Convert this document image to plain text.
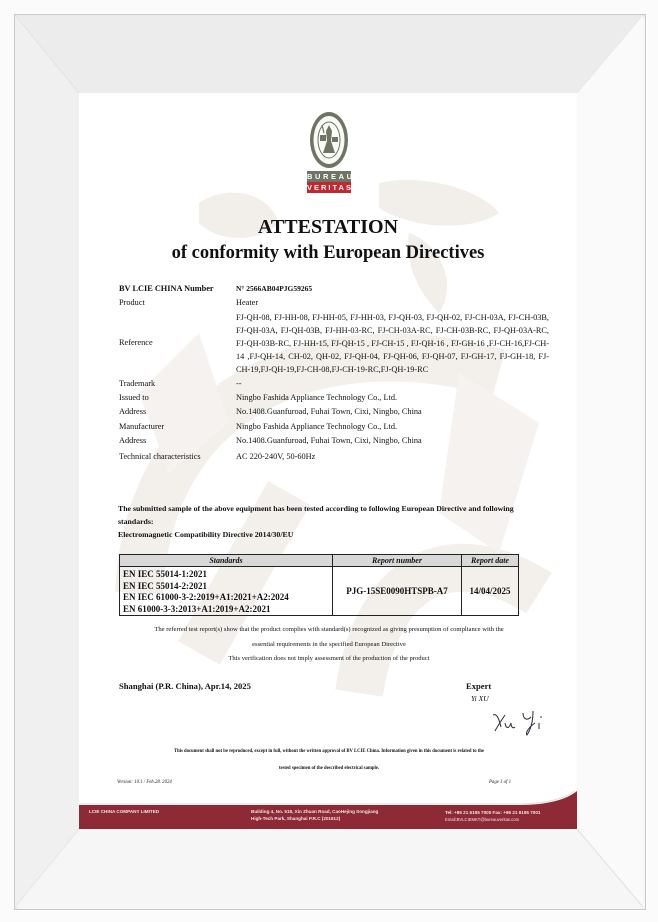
1828
BUREAU
VERITAS
ATTESTATION
of conformity with European Directives
BV LCIE CHINA Number	N° 2566AB04PJG59265
Product	Heater
Reference
FJ-QH-08, FJ-HH-08, FJ-HH-05, FJ-HH-03, FJ-QH-03, FJ-QH-02, FJ-CH-03A, FJ-CH-03B, FJ-QH-03A, FJ-QH-03B, FJ-HH-03-RC, FJ-CH-03A-RC, FJ-CH-03B-RC, FJ-QH-03A-RC, FJ-QH-03B-RC, FJ-HH-15, FJ-QH-15 , FJ-CH-15 , FJ-QH-16 , FJ-GH-16 ,FJ-CH-16,FJ-CH-14 ,FJ-QH-14, CH-02, QH-02, FJ-QH-04, FJ-QH-06, FJ-QH-07, FJ-GH-17, FJ-GH-18, FJ-CH-19,FJ-QH-19,FJ-CH-08,FJ-CH-19-RC,FJ-QH-19-RC
Trademark	--
Issued to	Ningbo Fashida Appliance Technology Co., Ltd.
Address	No.1408.Guanfuroad, Fuhai Town, Cixi, Ningbo, China
Manufacturer	Ningbo Fashida Appliance Technology Co., Ltd.
Address	No.1408.Guanfuroad, Fuhai Town, Cixi, Ningbo, China
Technical characteristics	AC 220-240V, 50-60Hz
The submitted sample of the above equipment has been tested according to following European Directive and following standards:
Electromagnetic Compatibility Directive 2014/30/EU
Standards	Report number	Report date

EN IEC 55014-1:2021
EN IEC 55014-2:2021
EN IEC 61000-3-2:2019+A1:2021+A2:2024
EN 61000-3-3:2013+A1:2019+A2:2021	PJG-15SE0090HTSPB-A7	14/04/2025
The referred test report(s) show that the product complies with standard(s) recognized as giving presumption of compliance with the
essential requirements in the specified European Directive
This verification does not imply assessment of the production of the product
Shanghai (P.R. China), Apr.14, 2025	Expert
Yi XU
This document shall not be reproduced, except in full, without the written approval of BV LCIE China. Information given in this document is related to the
tested specimen of the described electrical sample.
Version: 10.1 / Feb.28. 2024	Page 1 of 1
LCIE CHINA COMPANY LIMITED	Building 4, No. 518, Xin Zhuan Road, CaoHejing Songjiang
High-Tech Park, Shanghai P.R.C (201612)
Tel: +86 21 6195 7000 Fax: +86 21 6195 7001
Email:BVLCIEMKT@bureauveritas.com
